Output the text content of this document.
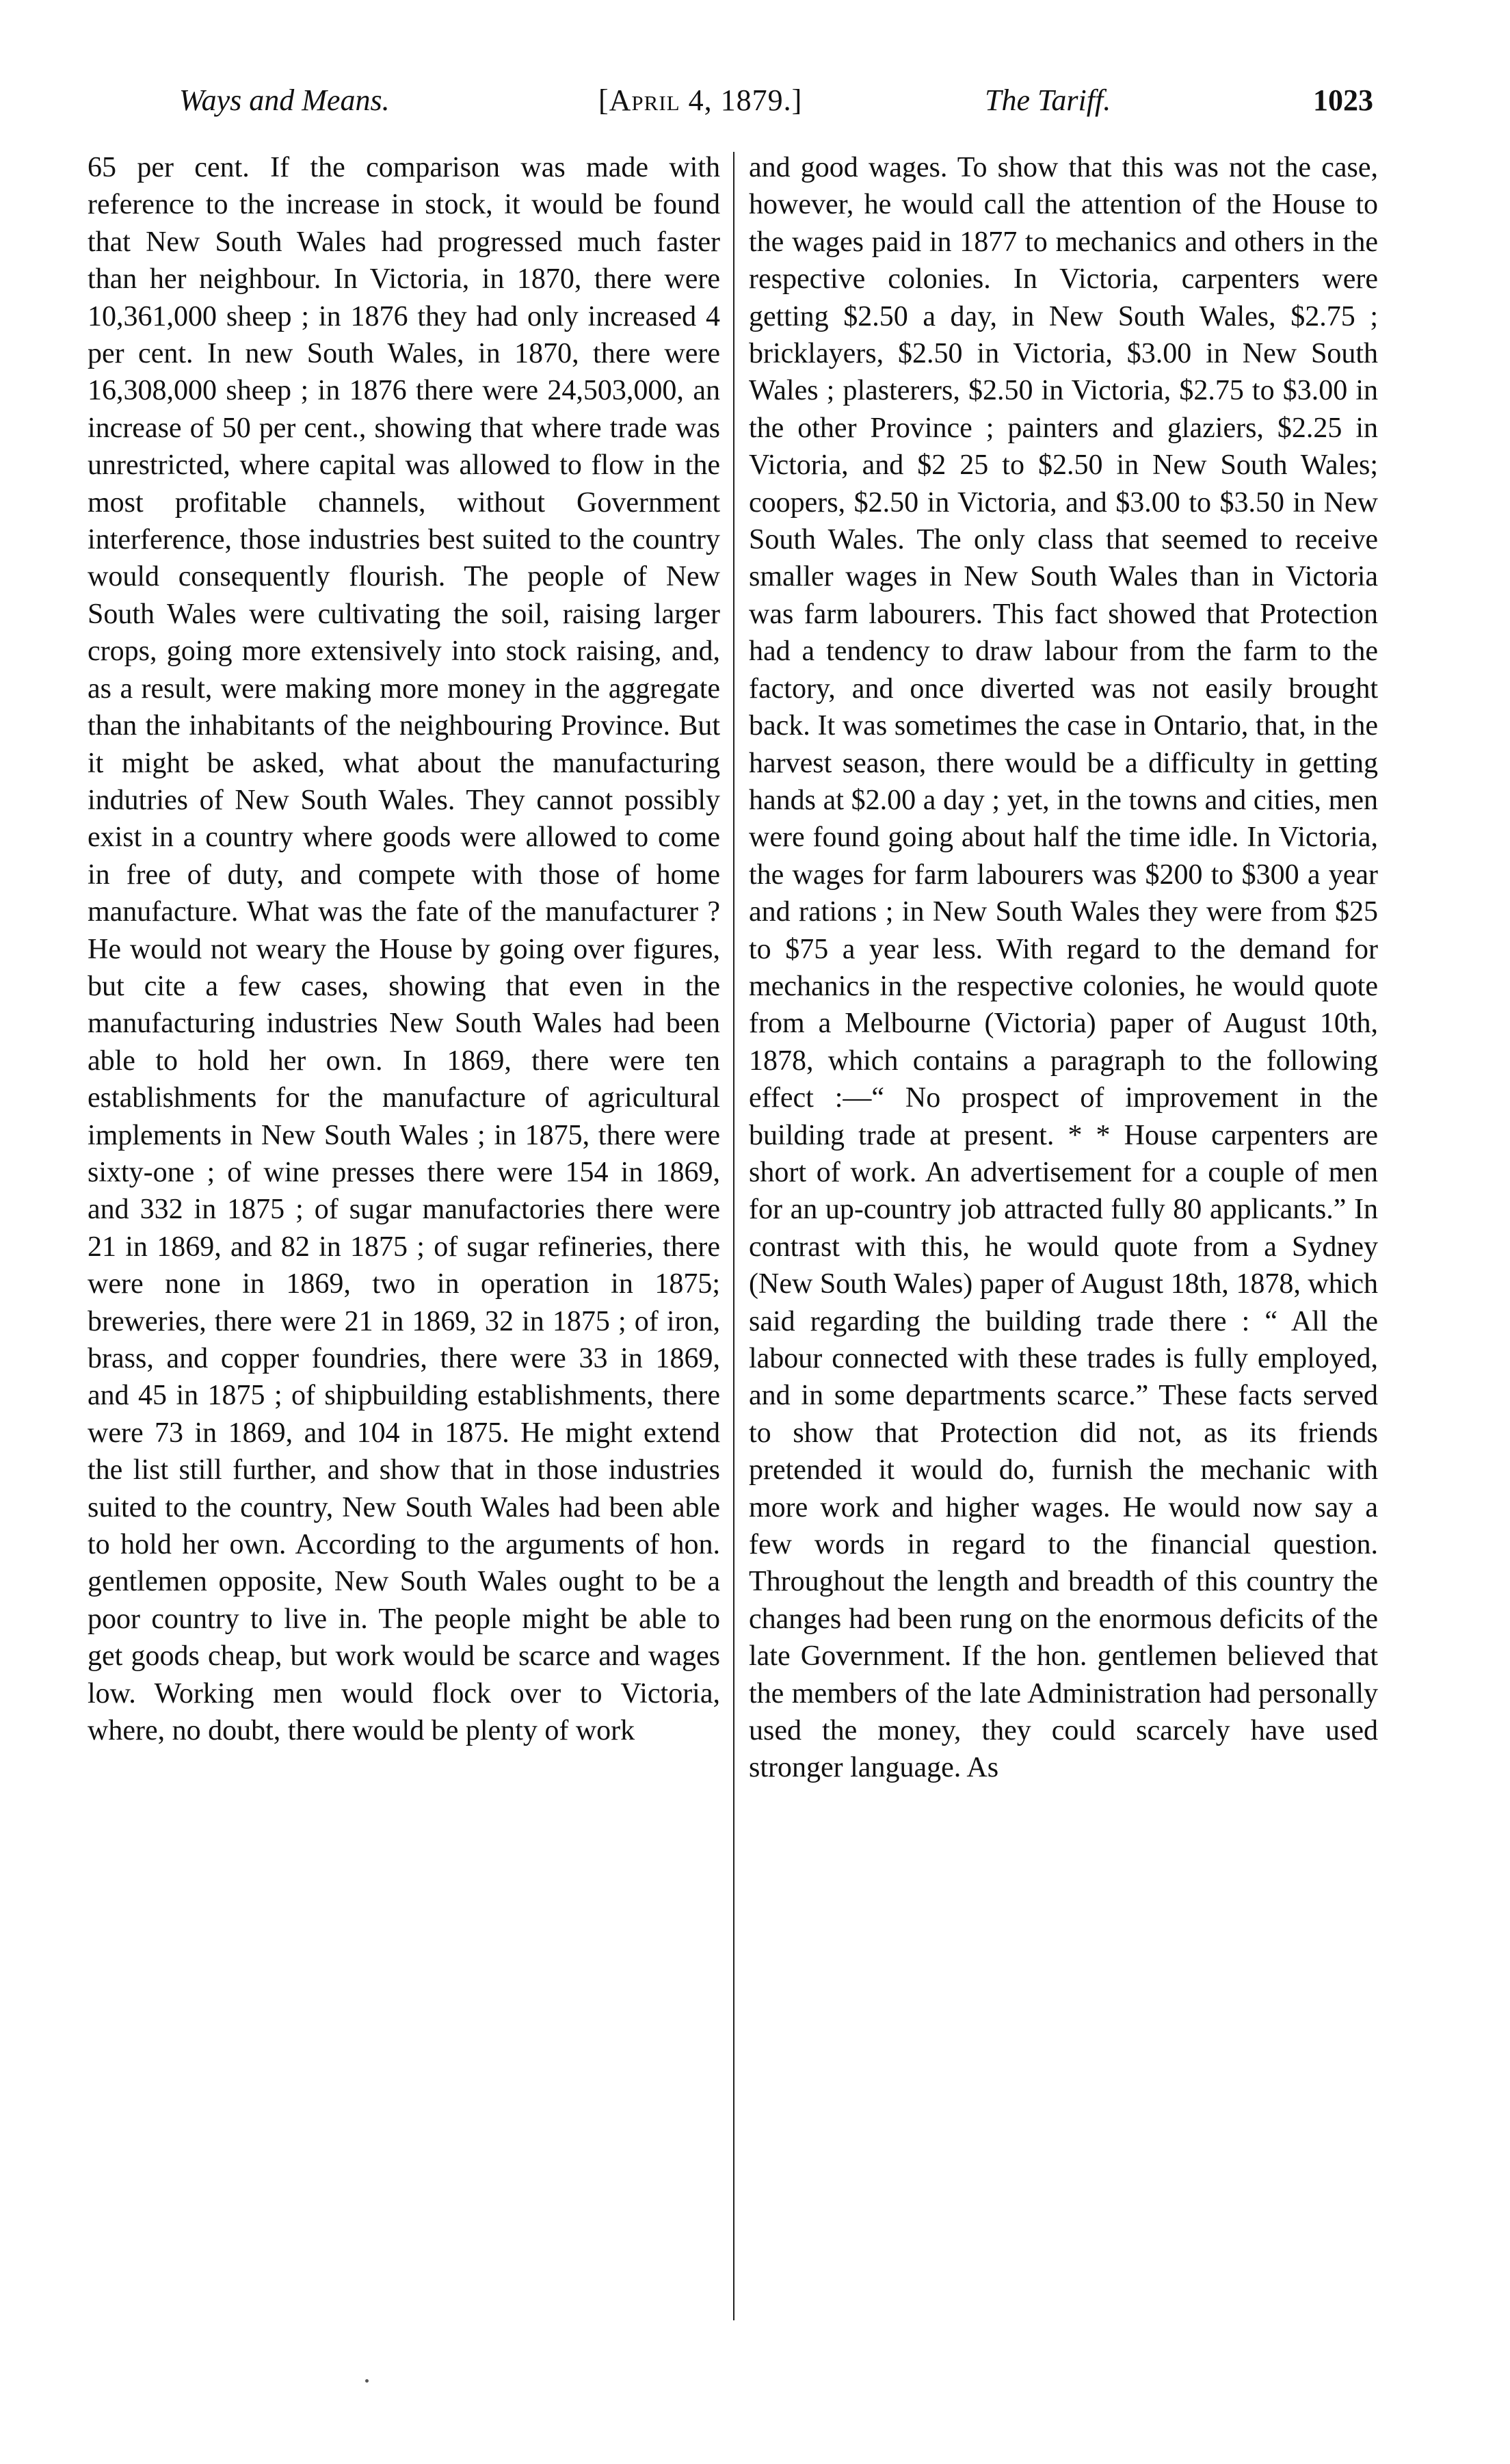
Ways and Means.	[April 4, 1879.]	The Tariff.	1023

65 per cent. If the comparison was made with reference to the increase in stock, it would be found that New South Wales had progressed much faster than her neighbour. In Victoria, in 1870, there were 10,361,000 sheep ; in 1876 they had only increased 4 per cent. In new South Wales, in 1870, there were 16,308,000 sheep ; in 1876 there were 24,503,000, an increase of 50 per cent., showing that where trade was unrestricted, where capital was allowed to flow in the most profitable channels, without Government interference, those industries best suited to the country would consequently flourish. The people of New South Wales were cultivating the soil, raising larger crops, going more extensively into stock raising, and, as a result, were making more money in the aggregate than the inhabitants of the neighbouring Province. But it might be asked, what about the manufacturing indutries of New South Wales. They cannot possibly exist in a country where goods were allowed to come in free of duty, and compete with those of home manufacture. What was the fate of the manufacturer ? He would not weary the House by going over figures, but cite a few cases, showing that even in the manufacturing industries New South Wales had been able to hold her own. In 1869, there were ten establishments for the manufacture of agricultural implements in New South Wales ; in 1875, there were sixty-one ; of wine presses there were 154 in 1869, and 332 in 1875 ; of sugar manufactories there were 21 in 1869, and 82 in 1875 ; of sugar refineries, there were none in 1869, two in operation in 1875; breweries, there were 21 in 1869, 32 in 1875 ; of iron, brass, and copper foundries, there were 33 in 1869, and 45 in 1875 ; of shipbuilding establishments, there were 73 in 1869, and 104 in 1875. He might extend the list still further, and show that in those industries suited to the country, New South Wales had been able to hold her own. According to the arguments of hon. gentlemen opposite, New South Wales ought to be a poor country to live in. The people might be able to get goods cheap, but work would be scarce and wages low. Working men would flock over to Victoria, where, no doubt, there would be plenty of work

and good wages. To show that this was not the case, however, he would call the attention of the House to the wages paid in 1877 to mechanics and others in the respective colonies. In Victoria, carpenters were getting $2.50 a day, in New South Wales, $2.75 ; bricklayers, $2.50 in Victoria, $3.00 in New South Wales ; plasterers, $2.50 in Victoria, $2.75 to $3.00 in the other Province ; painters and glaziers, $2.25 in Victoria, and $2 25 to $2.50 in New South Wales; coopers, $2.50 in Victoria, and $3.00 to $3.50 in New South Wales. The only class that seemed to receive smaller wages in New South Wales than in Victoria was farm labourers. This fact showed that Protection had a tendency to draw labour from the farm to the factory, and once diverted was not easily brought back. It was sometimes the case in Ontario, that, in the harvest season, there would be a difficulty in getting hands at $2.00 a day ; yet, in the towns and cities, men were found going about half the time idle. In Victoria, the wages for farm labourers was $200 to $300 a year and rations ; in New South Wales they were from $25 to $75 a year less. With regard to the demand for mechanics in the respective colonies, he would quote from a Melbourne (Victoria) paper of August 10th, 1878, which contains a paragraph to the following effect :—“ No prospect of improvement in the building trade at present. * * House carpenters are short of work. An advertisement for a couple of men for an up-country job attracted fully 80 applicants.” In contrast with this, he would quote from a Sydney (New South Wales) paper of August 18th, 1878, which said regarding the building trade there : “ All the labour connected with these trades is fully employed, and in some departments scarce.” These facts served to show that Protection did not, as its friends pretended it would do, furnish the mechanic with more work and higher wages. He would now say a few words in regard to the financial question. Throughout the length and breadth of this country the changes had been rung on the enormous deficits of the late Government. If the hon. gentlemen believed that the members of the late Administration had personally used the money, they could scarcely have used stronger language. As
